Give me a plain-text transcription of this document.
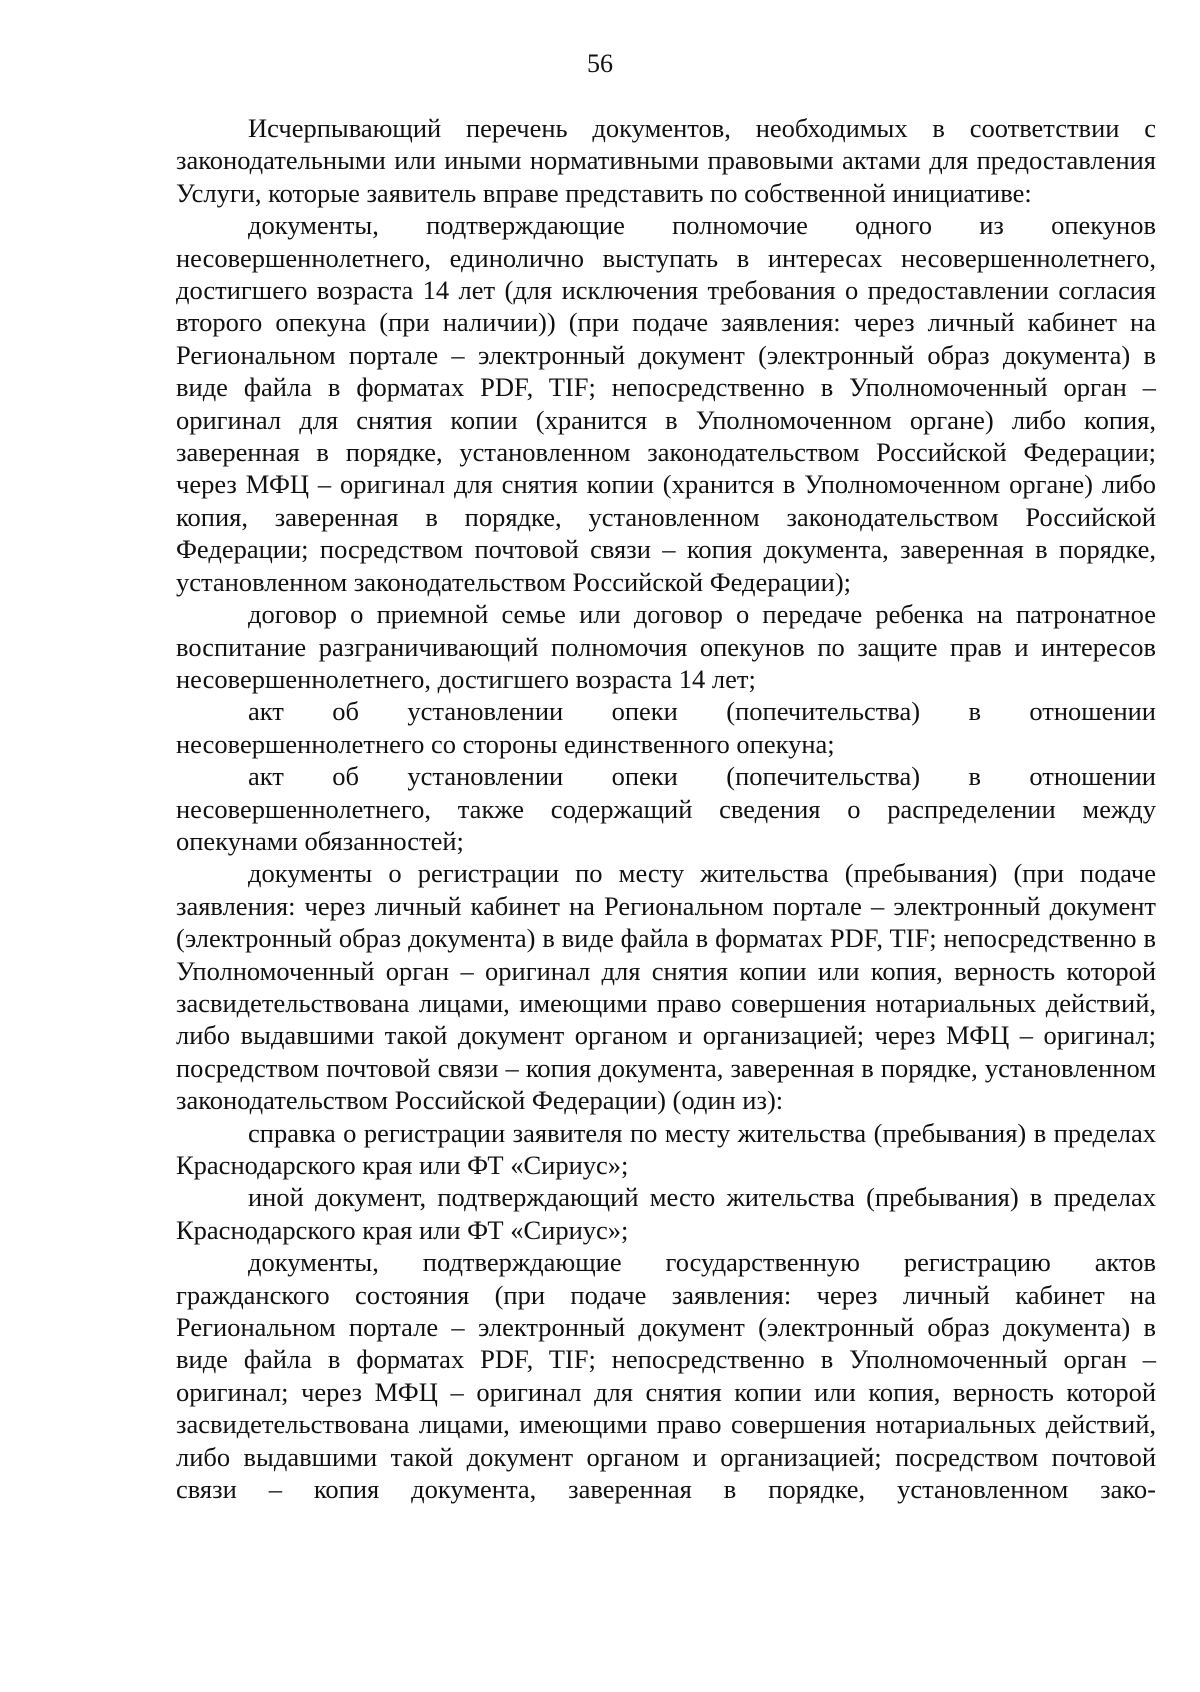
56

Исчерпывающий перечень документов, необходимых в соответствии с законодательными или иными нормативными правовыми актами для предоставления Услуги, которые заявитель вправе представить по собственной инициативе:

документы, подтверждающие полномочие одного из опекунов несовершеннолетнего, единолично выступать в интересах несовершеннолетнего, достигшего возраста 14 лет (для исключения требования о предоставлении согласия второго опекуна (при наличии)) (при подаче заявления: через личный кабинет на Региональном портале – электронный документ (электронный образ документа) в виде файла в форматах PDF, TIF; непосредственно в Уполномоченный орган – оригинал для снятия копии (хранится в Уполномоченном органе) либо копия, заверенная в порядке, установленном законодательством Российской Федерации; через МФЦ – оригинал для снятия копии (хранится в Уполномоченном органе) либо копия, заверенная в порядке, установленном законодательством Российской Федерации; посредством почтовой связи – копия документа, заверенная в порядке, установленном законодательством Российской Федерации);

договор о приемной семье или договор о передаче ребенка на патронатное воспитание разграничивающий полномочия опекунов по защите прав и интересов несовершеннолетнего, достигшего возраста 14 лет;

акт об установлении опеки (попечительства) в отношении несовершеннолетнего со стороны единственного опекуна;

акт об установлении опеки (попечительства) в отношении несовершеннолетнего, также содержащий сведения о распределении между опекунами обязанностей;

документы о регистрации по месту жительства (пребывания) (при подаче заявления: через личный кабинет на Региональном портале – электронный документ (электронный образ документа) в виде файла в форматах PDF, TIF; непосредственно в Уполномоченный орган – оригинал для снятия копии или копия, верность которой засвидетельствована лицами, имеющими право совершения нотариальных действий, либо выдавшими такой документ органом и организацией; через МФЦ – оригинал; посредством почтовой связи – копия документа, заверенная в порядке, установленном законодательством Российской Федерации) (один из):

справка о регистрации заявителя по месту жительства (пребывания) в пределах Краснодарского края или ФТ «Сириус»;

иной документ, подтверждающий место жительства (пребывания) в пределах Краснодарского края или ФТ «Сириус»;

документы, подтверждающие государственную регистрацию актов гражданского состояния (при подаче заявления: через личный кабинет на Региональном портале – электронный документ (электронный образ документа) в виде файла в форматах PDF, TIF; непосредственно в Уполномоченный орган – оригинал; через МФЦ – оригинал для снятия копии или копия, верность которой засвидетельствована лицами, имеющими право совершения нотариальных действий, либо выдавшими такой документ органом и организацией; посредством почтовой связи – копия документа, заверенная в порядке, установленном зако-
